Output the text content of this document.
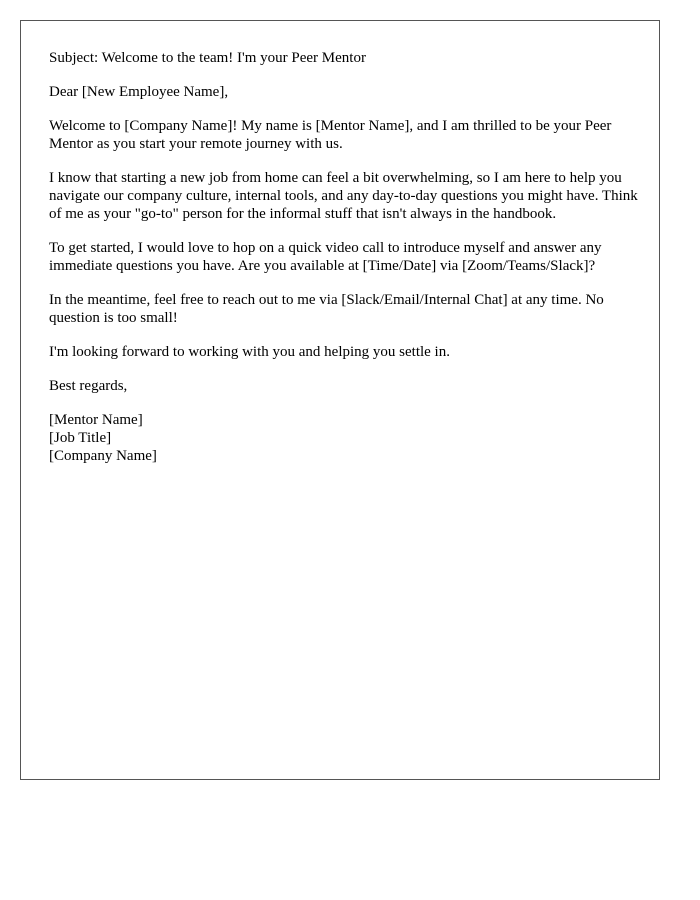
Subject: Welcome to the team! I'm your Peer Mentor

Dear [New Employee Name],

Welcome to [Company Name]! My name is [Mentor Name], and I am thrilled to be your Peer Mentor as you start your remote journey with us.

I know that starting a new job from home can feel a bit overwhelming, so I am here to help you navigate our company culture, internal tools, and any day-to-day questions you might have. Think of me as your "go-to" person for the informal stuff that isn't always in the handbook.

To get started, I would love to hop on a quick video call to introduce myself and answer any immediate questions you have. Are you available at [Time/Date] via [Zoom/Teams/Slack]?

In the meantime, feel free to reach out to me via [Slack/Email/Internal Chat] at any time. No question is too small!

I'm looking forward to working with you and helping you settle in.

Best regards,

[Mentor Name]
[Job Title]
[Company Name]
